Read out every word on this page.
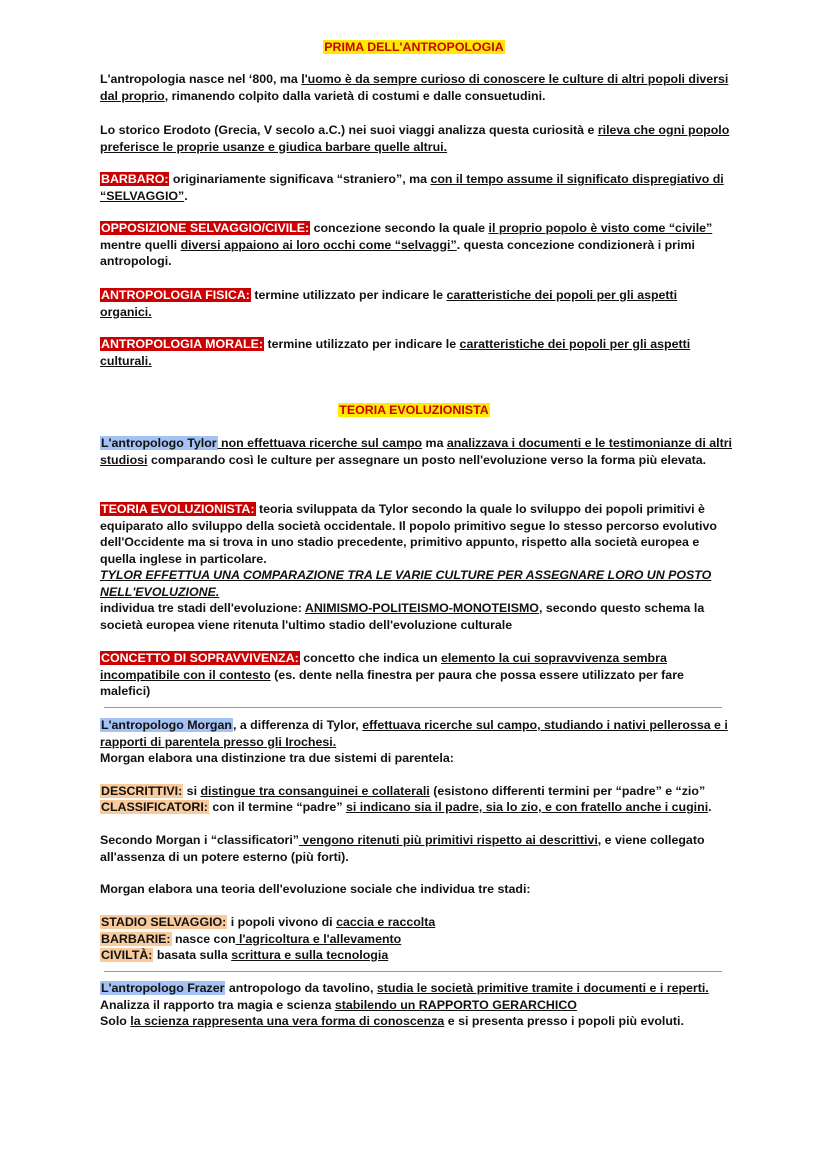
PRIMA DELL'ANTROPOLOGIA

L'antropologia nasce nel ‘800, ma l'uomo è da sempre curioso di conoscere le culture di altri popoli diversi dal proprio, rimanendo colpito dalla varietà di costumi e dalle consuetudini.

Lo storico Erodoto (Grecia, V secolo a.C.) nei suoi viaggi analizza questa curiosità e rileva che ogni popolo preferisce le proprie usanze e giudica barbare quelle altrui.

BARBARO: originariamente significava “straniero”, ma con il tempo assume il significato dispregiativo di “SELVAGGIO”.

OPPOSIZIONE SELVAGGIO/CIVILE: concezione secondo la quale il proprio popolo è visto come “civile” mentre quelli diversi appaiono ai loro occhi come “selvaggi”. questa concezione condizionerà i primi antropologi.

ANTROPOLOGIA FISICA: termine utilizzato per indicare le caratteristiche dei popoli per gli aspetti organici.

ANTROPOLOGIA MORALE: termine utilizzato per indicare le caratteristiche dei popoli per gli aspetti culturali.

TEORIA EVOLUZIONISTA

L'antropologo Tylor non effettuava ricerche sul campo ma analizzava i documenti e le testimonianze di altri studiosi comparando così le culture per assegnare un posto nell'evoluzione verso la forma più elevata.

TEORIA EVOLUZIONISTA: teoria sviluppata da Tylor secondo la quale lo sviluppo dei popoli primitivi è equiparato allo sviluppo della società occidentale. Il popolo primitivo segue lo stesso percorso evolutivo dell'Occidente ma si trova in uno stadio precedente, primitivo appunto, rispetto alla società europea e quella inglese in particolare.

TYLOR EFFETTUA UNA COMPARAZIONE TRA LE VARIE CULTURE PER ASSEGNARE LORO UN POSTO NELL'EVOLUZIONE.

individua tre stadi dell'evoluzione: ANIMISMO-POLITEISMO-MONOTEISMO, secondo questo schema la società europea viene ritenuta l'ultimo stadio dell'evoluzione culturale

CONCETTO DI SOPRAVVIVENZA: concetto che indica un elemento la cui sopravvivenza sembra incompatibile con il contesto (es. dente nella finestra per paura che possa essere utilizzato per fare malefici)

L'antropologo Morgan, a differenza di Tylor, effettuava ricerche sul campo, studiando i nativi pellerossa e i rapporti di parentela presso gli Irochesi.

Morgan elabora una distinzione tra due sistemi di parentela:

DESCRITTIVI: si distingue tra consanguinei e collaterali (esistono differenti termini per “padre” e “zio”

CLASSIFICATORI: con il termine “padre” si indicano sia il padre, sia lo zio, e con fratello anche i cugini.

Secondo Morgan i “classificatori” vengono ritenuti più primitivi rispetto ai descrittivi, e viene collegato all'assenza di un potere esterno (più forti).

Morgan elabora una teoria dell'evoluzione sociale che individua tre stadi:

STADIO SELVAGGIO: i popoli vivono di caccia e raccolta

BARBARIE: nasce con l'agricoltura e l'allevamento

CIVILTÀ: basata sulla scrittura e sulla tecnologia

L'antropologo Frazer antropologo da tavolino, studia le società primitive tramite i documenti e i reperti.

Analizza il rapporto tra magia e scienza stabilendo un RAPPORTO GERARCHICO

Solo la scienza rappresenta una vera forma di conoscenza e si presenta presso i popoli più evoluti.
